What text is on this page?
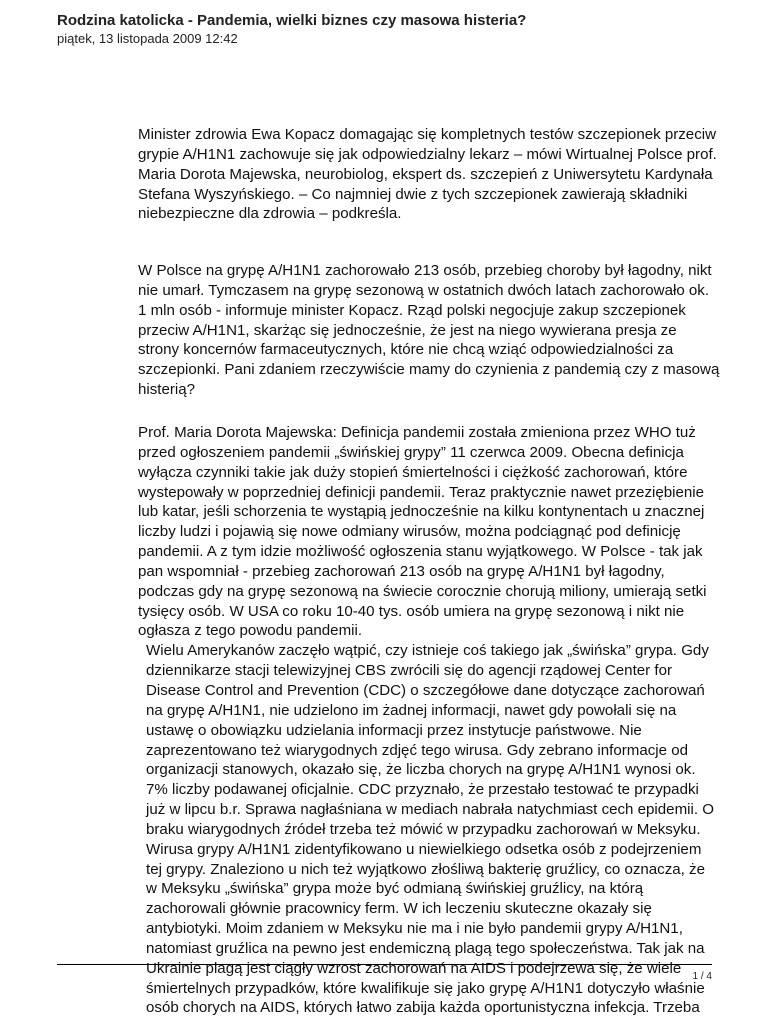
Rodzina katolicka - Pandemia, wielki biznes czy masowa histeria?
piątek, 13 listopada 2009 12:42

Minister zdrowia Ewa Kopacz domagając się kompletnych testów szczepionek przeciw grypie A/H1N1 zachowuje się jak odpowiedzialny lekarz – mówi Wirtualnej Polsce prof. Maria Dorota Majewska, neurobiolog, ekspert ds. szczepień z Uniwersytetu Kardynała Stefana Wyszyńskiego. – Co najmniej dwie z tych szczepionek zawierają składniki niebezpieczne dla zdrowia – podkreśla.

W Polsce na grypę A/H1N1 zachorowało 213 osób, przebieg choroby był łagodny, nikt nie umarł. Tymczasem na grypę sezonową w ostatnich dwóch latach zachorowało ok. 1 mln osób - informuje minister Kopacz. Rząd polski negocjuje zakup szczepionek przeciw A/H1N1, skarżąc się jednocześnie, że jest na niego wywierana presja ze strony koncernów farmaceutycznych, które nie chcą wziąć odpowiedzialności za szczepionki. Pani zdaniem rzeczywiście mamy do czynienia z pandemią czy z masową histerią?

Prof. Maria Dorota Majewska: Definicja pandemii została zmieniona przez WHO tuż przed ogłoszeniem pandemii „świńskiej grypy” 11 czerwca 2009. Obecna definicja wyłącza czynniki takie jak duży stopień śmiertelności i ciężkość zachorowań, które wystepowały w poprzedniej definicji pandemii. Teraz praktycznie nawet przeziębienie lub katar, jeśli schorzenia te wystąpią jednocześnie na kilku kontynentach u znacznej liczby ludzi i pojawią się nowe odmiany wirusów, można podciągnąć pod definicję pandemii. A z tym idzie możliwość ogłoszenia stanu wyjątkowego. W Polsce - tak jak pan wspomniał - przebieg zachorowań 213 osób na grypę A/H1N1 był łagodny, podczas gdy na grypę sezonową na świecie corocznie chorują miliony, umierają setki tysięcy osób. W USA co roku 10-40 tys. osób umiera na grypę sezonową i nikt nie ogłasza z tego powodu pandemii.
Wielu Amerykanów zaczęło wątpić, czy istnieje coś takiego jak „świńska” grypa. Gdy dziennikarze stacji telewizyjnej CBS zwrócili się do agencji rządowej Center for Disease Control and Prevention (CDC) o szczegółowe dane dotyczące zachorowań na grypę A/H1N1, nie udzielono im żadnej informacji, nawet gdy powołali się na ustawę o obowiązku udzielania informacji przez instytucje państwowe. Nie zaprezentowano też wiarygodnych zdjęć tego wirusa. Gdy zebrano informacje od organizacji stanowych, okazało się, że liczba chorych na grypę A/H1N1 wynosi ok. 7% liczby podawanej oficjalnie. CDC przyznało, że przestało testować te przypadki już w lipcu b.r. Sprawa nagłaśniana w mediach nabrała natychmiast cech epidemii. O braku wiarygodnych źródeł trzeba też mówić w przypadku zachorowań w Meksyku. Wirusa grypy A/H1N1 zidentyfikowano u niewielkiego odsetka osób z podejrzeniem tej grypy. Znaleziono u nich też wyjątkowo złośliwą bakterię gruźlicy, co oznacza, że w Meksyku „świńska” grypa może być odmianą świńskiej gruźlicy, na którą zachorowali głównie pracownicy ferm. W ich leczeniu skuteczne okazały się antybiotyki. Moim zdaniem w Meksyku nie ma i nie było pandemii grypy A/H1N1, natomiast gruźlica na pewno jest endemiczną plagą tego społeczeństwa. Tak jak na Ukrainie plagą jest ciągły wzrost zachorowań na AIDS i podejrzewa się, że wiele śmiertelnych przypadków, które kwalifikuje się jako grypę A/H1N1 dotyczyło właśnie osób chorych na AIDS, których łatwo zabija każda oportunistyczna infekcja. Trzeba
1 / 4
